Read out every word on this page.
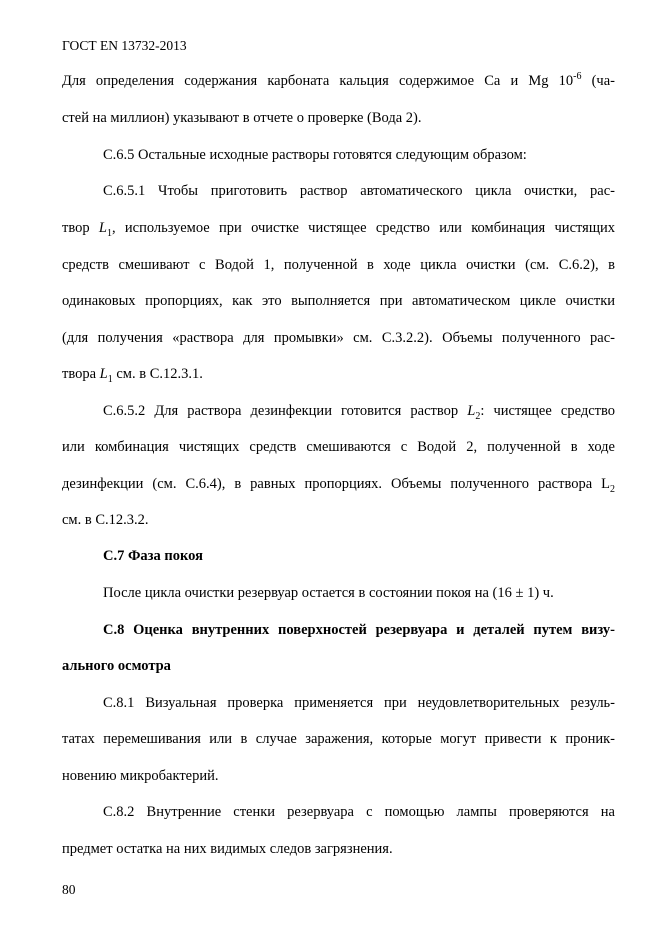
ГОСТ EN 13732-2013
Для определения содержания карбоната кальция содержимое Ca и Mg $10^{-6}$ (ча-
стей на миллион) указывают в отчете о проверке (Вода 2).
С.6.5 Остальные исходные растворы готовятся следующим образом:
С.6.5.1 Чтобы приготовить раствор автоматического цикла очистки, рас-
твор $L_1$, используемое при очистке чистящее средство или комбинация чистящих
средств смешивают с Водой 1, полученной в ходе цикла очистки (см. С.6.2), в
одинаковых пропорциях, как это выполняется при автоматическом цикле очистки
(для получения «раствора для промывки» см. С.3.2.2). Объемы полученного рас-
твора $L_1$ см. в С.12.3.1.
С.6.5.2 Для раствора дезинфекции готовится раствор $L_2$: чистящее средство
или комбинация чистящих средств смешиваются с Водой 2, полученной в ходе
дезинфекции (см. С.6.4), в равных пропорциях. Объемы полученного раствора $L_2$
см. в С.12.3.2.
С.7 Фаза покоя
После цикла очистки резервуар остается в состоянии покоя на (16 ± 1) ч.
С.8 Оценка внутренних поверхностей резервуара и деталей путем визу-
ального осмотра
С.8.1 Визуальная проверка применяется при неудовлетворительных резуль-
татах перемешивания или в случае заражения, которые могут привести к проник-
новению микробактерий.
С.8.2 Внутренние стенки резервуара с помощью лампы проверяются на
предмет остатка на них видимых следов загрязнения.
80
